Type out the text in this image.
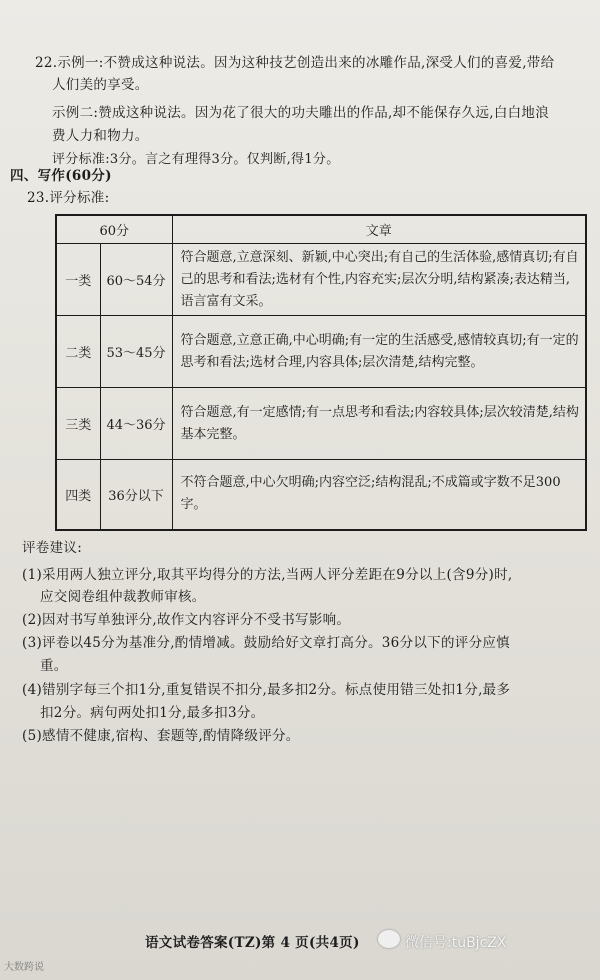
22.示例一:不赞成这种说法。因为这种技艺创造出来的冰雕作品,深受人们的喜爱,带给
人们美的享受。
示例二:赞成这种说法。因为花了很大的功夫雕出的作品,却不能保存久远,白白地浪
费人力和物力。
评分标准:3分。言之有理得3分。仅判断,得1分。
四、写作(60分)
23.评分标准:
60分		文章
一类	60～54分	符合题意,立意深刻、新颖,中心突出;有自己的生活体验,感情真切;有自己的思考和看法;选材有个性,内容充实;层次分明,结构紧凑;表达精当,语言富有文采。
二类	53～45分	符合题意,立意正确,中心明确;有一定的生活感受,感情较真切;有一定的思考和看法;选材合理,内容具体;层次清楚,结构完整。
三类	44～36分	符合题意,有一定感情;有一点思考和看法;内容较具体;层次较清楚,结构基本完整。
四类	36分以下	不符合题意,中心欠明确;内容空泛;结构混乱;不成篇或字数不足300字。
评卷建议:
(1)采用两人独立评分,取其平均得分的方法,当两人评分差距在9分以上(含9分)时,
应交阅卷组仲裁教师审核。
(2)因对书写单独评分,故作文内容评分不受书写影响。
(3)评卷以45分为基准分,酌情增减。鼓励给好文章打高分。36分以下的评分应慎
重。
(4)错别字每三个扣1分,重复错误不扣分,最多扣2分。标点使用错三处扣1分,最多
扣2分。病句两处扣1分,最多扣3分。
(5)感情不健康,宿构、套题等,酌情降级评分。
语文试卷答案(TZ)第 4 页(共4页)
大数跨说
微信号:tuBjcZX
